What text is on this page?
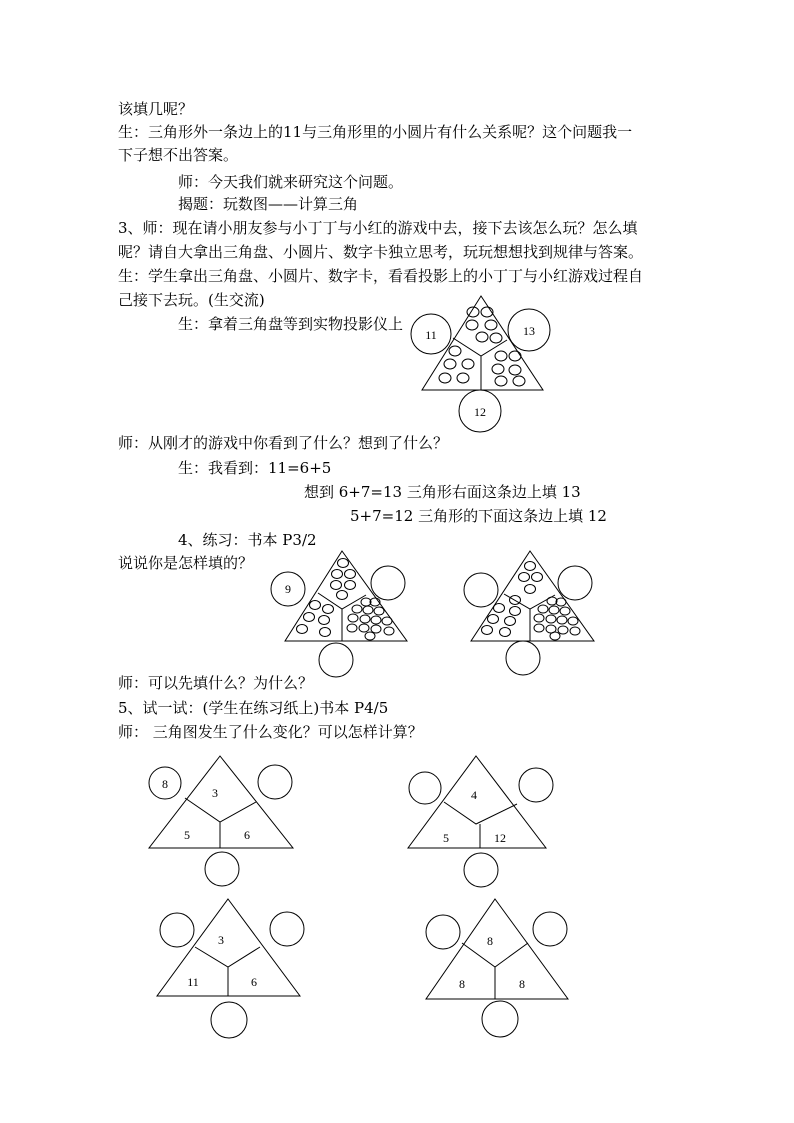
该填几呢？
生：三角形外一条边上的11与三角形里的小圆片有什么关系呢？这个问题我一
下子想不出答案。
师：今天我们就来研究这个问题。
揭题：玩数图——计算三角
3、师：现在请小朋友参与小丁丁与小红的游戏中去，接下去该怎么玩？怎么填
呢？请自大拿出三角盘、小圆片、数字卡独立思考，玩玩想想找到规律与答案。
生：学生拿出三角盘、小圆片、数字卡，看看投影上的小丁丁与小红游戏过程自
己接下去玩。(生交流)
生：拿着三角盘等到实物投影仪上
师：从刚才的游戏中你看到了什么？想到了什么？
生：我看到：11=6+5
想到 6+7=13 三角形右面这条边上填 13
5+7=12 三角形的下面这条边上填 12
4、练习：书本 P3/2
说说你是怎样填的？
师：可以先填什么？为什么？
5、试一试：(学生在练习纸上)书本 P4/5
师： 三角图发生了什么变化？可以怎样计算？
11	13
12
9
8
3
5	6
4
5	12
3
11	6
8
8	8
